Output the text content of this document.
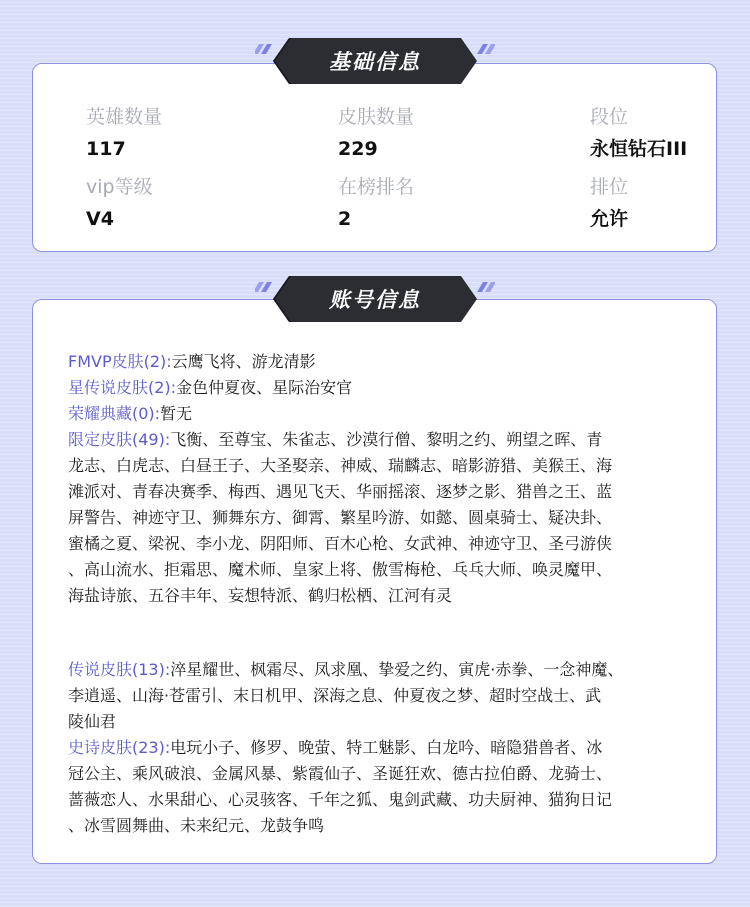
英雄数量
117
皮肤数量
229
段位
永恒钻石III
vip等级
V4
在榜排名
2
排位
允许
基础信息
账号信息
FMVP皮肤(2):云鹰飞将、游龙清影
星传说皮肤(2):金色仲夏夜、星际治安官
荣耀典藏(0):暂无
限定皮肤(49):飞衡、至尊宝、朱雀志、沙漠行僧、黎明之约、朔望之晖、青
龙志、白虎志、白昼王子、大圣娶亲、神威、瑞麟志、暗影游猎、美猴王、海
滩派对、青春决赛季、梅西、遇见飞天、华丽摇滚、逐梦之影、猎兽之王、蓝
屏警告、神迹守卫、狮舞东方、御霄、繁星吟游、如懿、圆桌骑士、疑决卦、
蜜橘之夏、梁祝、李小龙、阴阳师、百木心枪、女武神、神迹守卫、圣弓游侠
、高山流水、拒霜思、魔术师、皇家上将、傲雪梅枪、乓乓大师、唤灵魔甲、
海盐诗旅、五谷丰年、妄想特派、鹤归松栖、江河有灵
传说皮肤(13):淬星耀世、枫霜尽、凤求凰、挚爱之约、寅虎·赤拳、一念神魔、
李逍遥、山海·苍雷引、末日机甲、深海之息、仲夏夜之梦、超时空战士、武
陵仙君
史诗皮肤(23):电玩小子、修罗、晚萤、特工魅影、白龙吟、暗隐猎兽者、冰
冠公主、乘风破浪、金属风暴、紫霞仙子、圣诞狂欢、德古拉伯爵、龙骑士、
蔷薇恋人、水果甜心、心灵骇客、千年之狐、鬼剑武藏、功夫厨神、猫狗日记
、冰雪圆舞曲、未来纪元、龙鼓争鸣
